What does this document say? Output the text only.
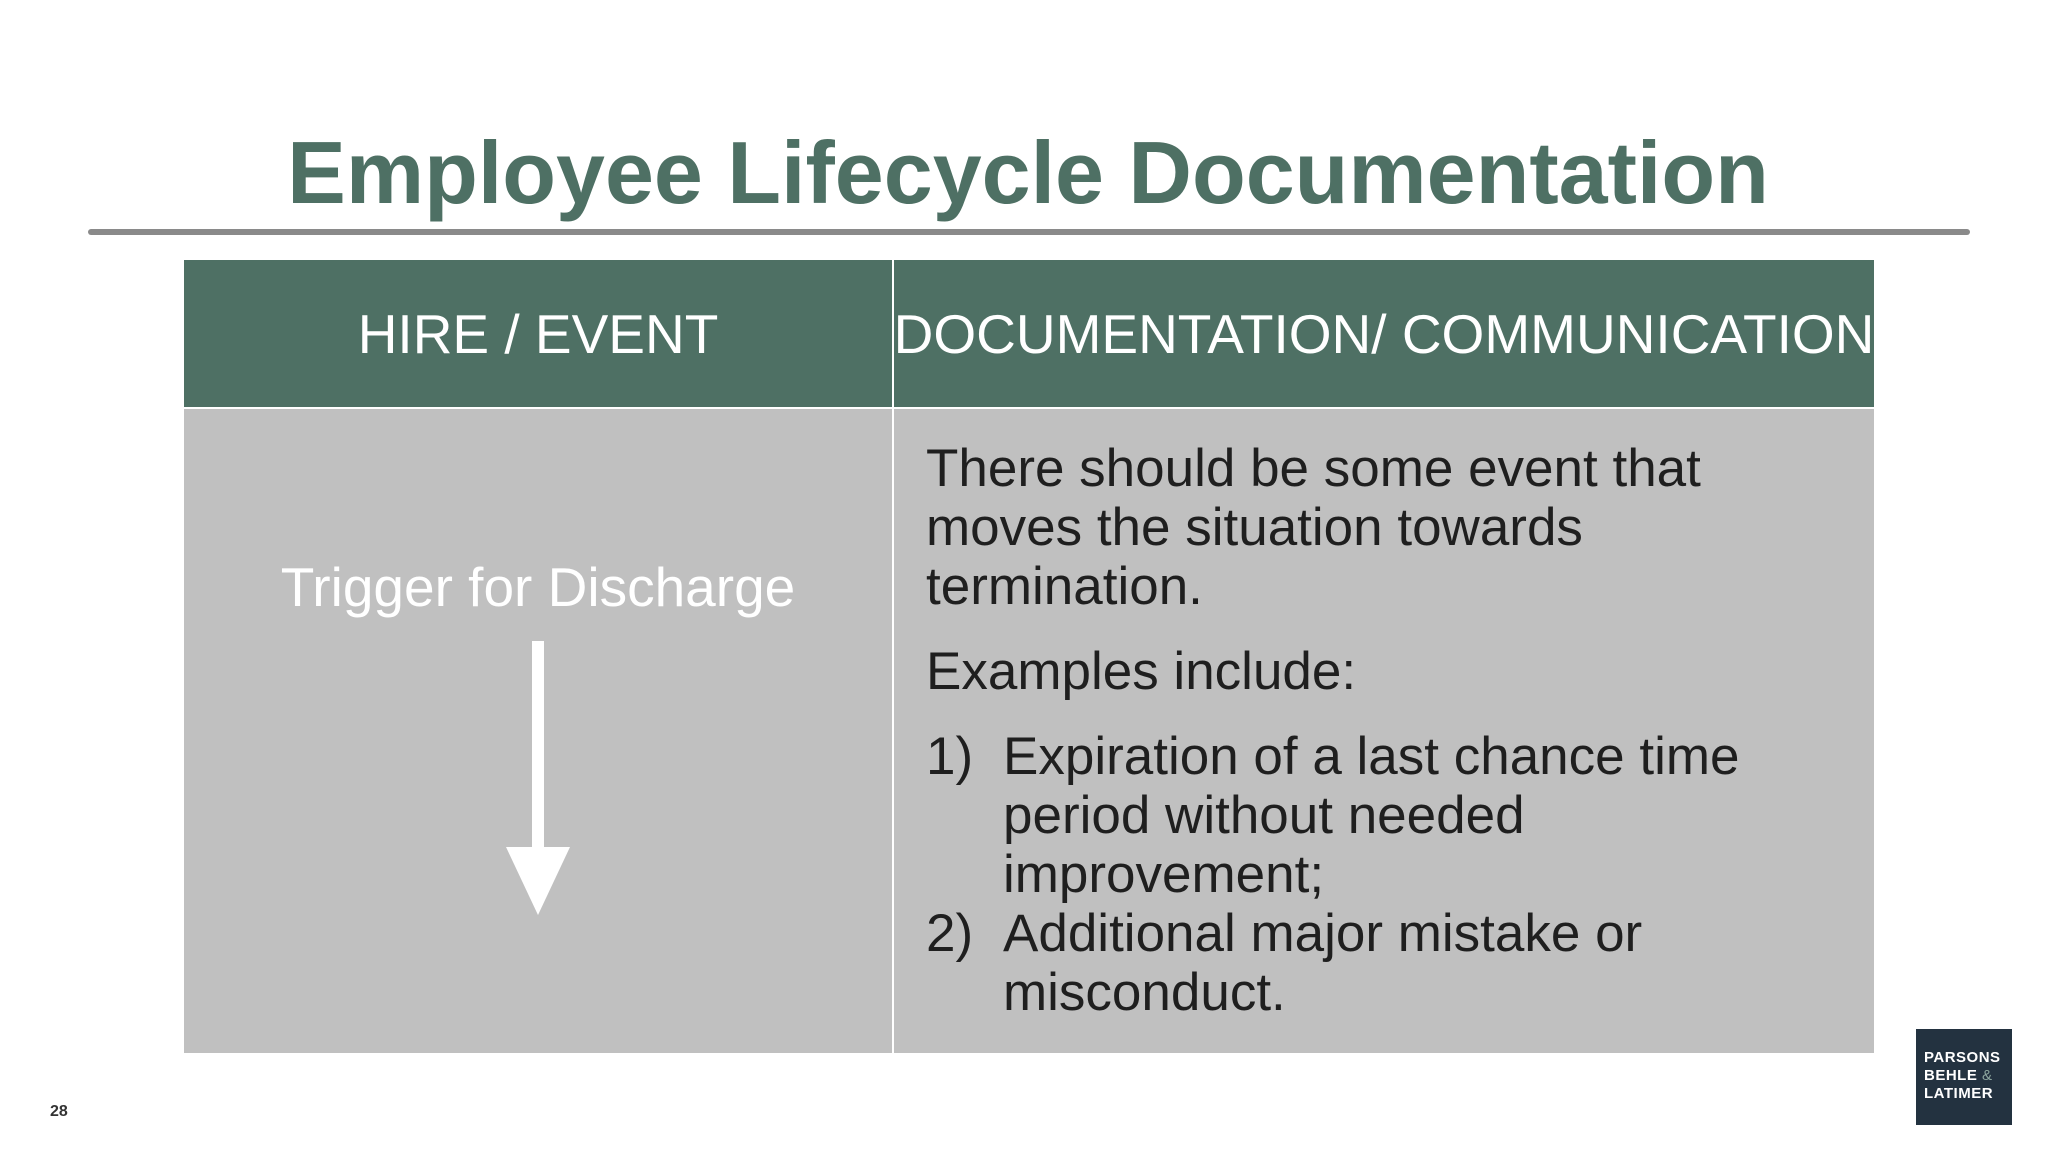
Employee Lifecycle Documentation
HIRE / EVENT	DOCUMENTATION/ COMMUNICATION
Trigger for Discharge
There should be some event that moves the situation towards termination.
Examples include:
1) Expiration of a last chance time period without needed improvement;
2) Additional major mistake or misconduct.
28
PARSONS
BEHLE &
LATIMER
